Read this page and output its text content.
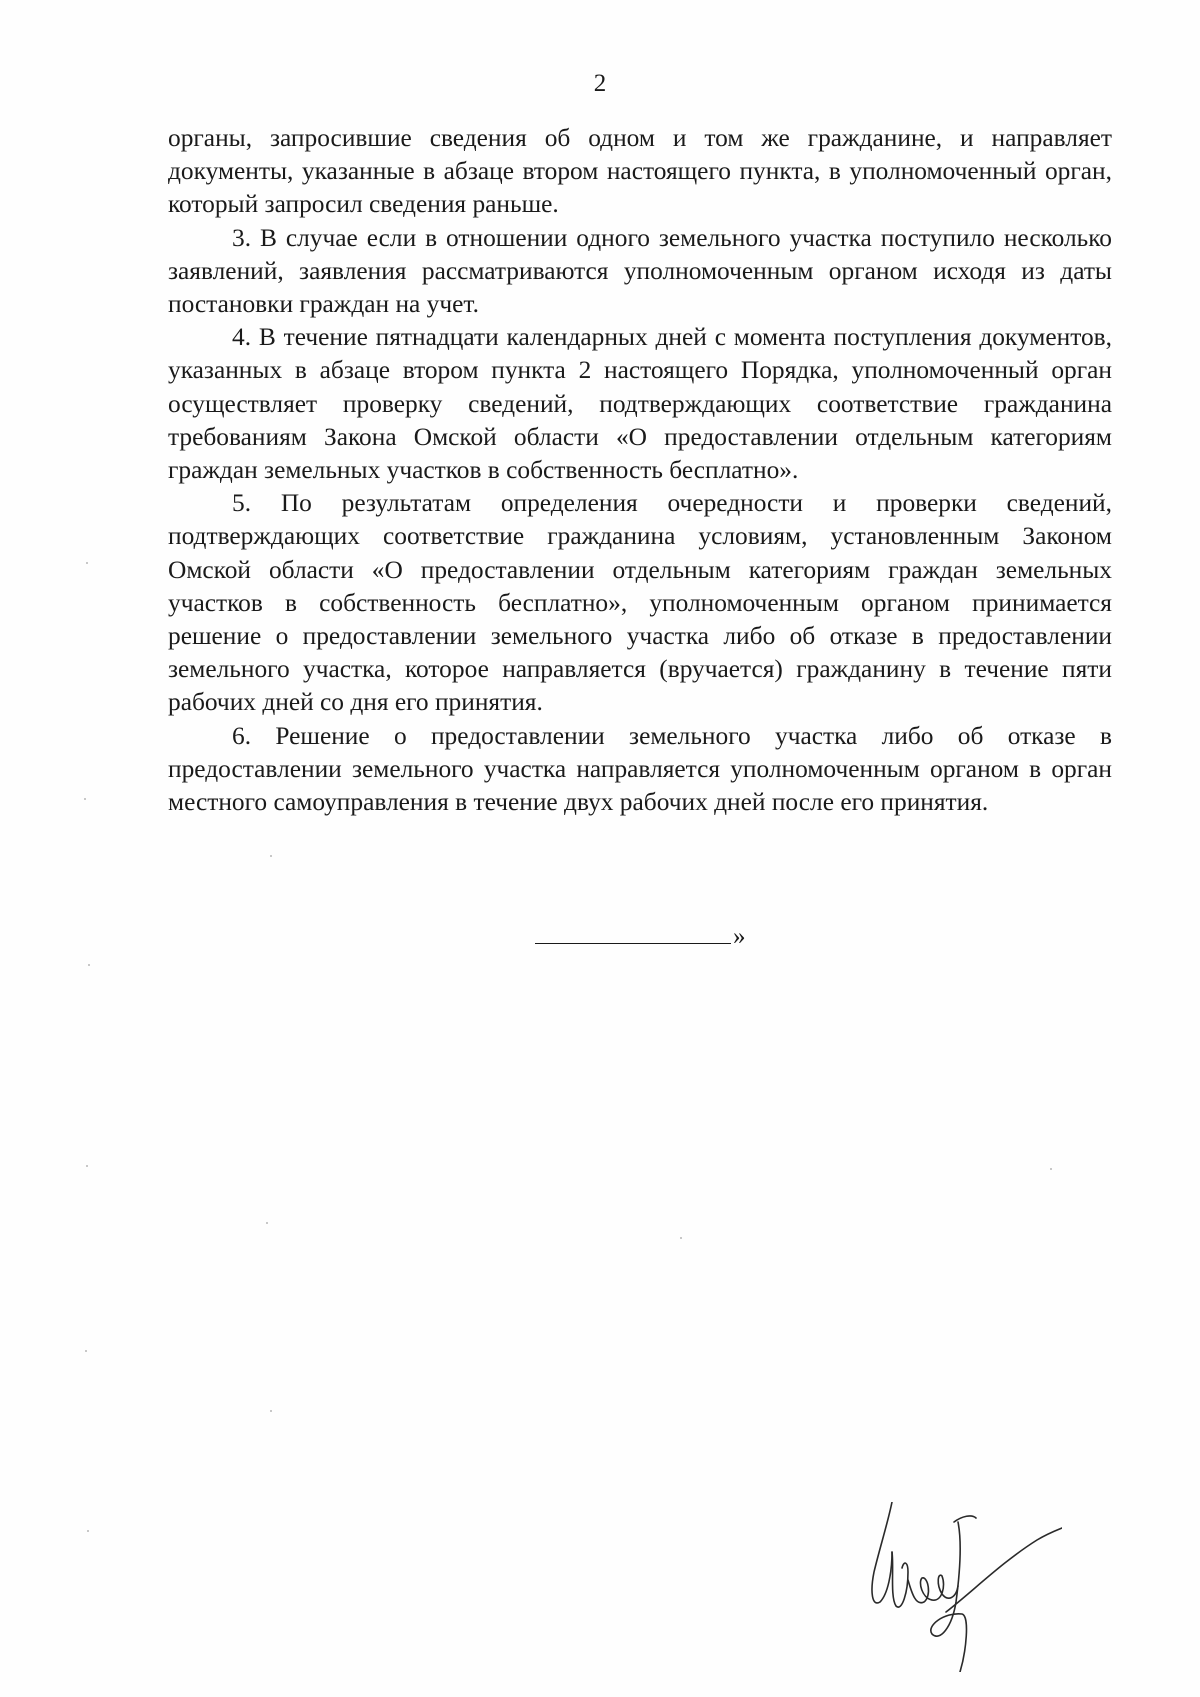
2

органы, запросившие сведения об одном и том же гражданине, и направляет документы, указанные в абзаце втором настоящего пункта, в уполномоченный орган, который запросил сведения раньше.

3. В случае если в отношении одного земельного участка поступило несколько заявлений, заявления рассматриваются уполномоченным органом исходя из даты постановки граждан на учет.

4. В течение пятнадцати календарных дней с момента поступления документов, указанных в абзаце втором пункта 2 настоящего Порядка, уполномоченный орган осуществляет проверку сведений, подтверждающих соответствие гражданина требованиям Закона Омской области «О предоставлении отдельным категориям граждан земельных участков в собственность бесплатно».

5. По результатам определения очередности и проверки сведений, подтверждающих соответствие гражданина условиям, установленным Законом Омской области «О предоставлении отдельным категориям граждан земельных участков в собственность бесплатно», уполномоченным органом принимается решение о предоставлении земельного участка либо об отказе в предоставлении земельного участка, которое направляется (вручается) гражданину в течение пяти рабочих дней со дня его принятия.

6. Решение о предоставлении земельного участка либо об отказе в предоставлении земельного участка направляется уполномоченным органом в орган местного самоуправления в течение двух рабочих дней после его принятия.

»
